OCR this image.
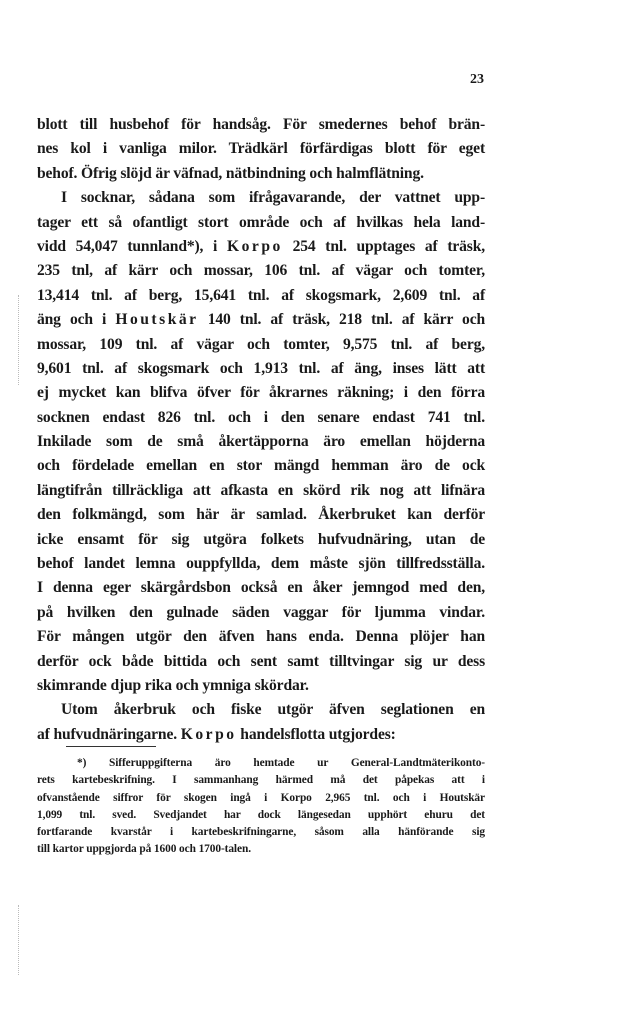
23
blott till husbehof för handsåg. För smedernes behof brän-
nes kol i vanliga milor. Trädkärl förfärdigas blott för eget
behof. Öfrig slöjd är väfnad, nätbindning och halmflätning.
I socknar, sådana som ifrågavarande, der vattnet upp-
tager ett så ofantligt stort område och af hvilkas hela land-
vidd 54,047 tunnland*), i Korpo 254 tnl. upptages af träsk,
235 tnl, af kärr och mossar, 106 tnl. af vägar och tomter,
13,414 tnl. af berg, 15,641 tnl. af skogsmark, 2,609 tnl. af
äng och i Houtskär 140 tnl. af träsk, 218 tnl. af kärr och
mossar, 109 tnl. af vägar och tomter, 9,575 tnl. af berg,
9,601 tnl. af skogsmark och 1,913 tnl. af äng, inses lätt att
ej mycket kan blifva öfver för åkrarnes räkning; i den förra
socknen endast 826 tnl. och i den senare endast 741 tnl.
Inkilade som de små åkertäpporna äro emellan höjderna
och fördelade emellan en stor mängd hemman äro de ock
längtifrån tillräckliga att afkasta en skörd rik nog att lifnära
den folkmängd, som här är samlad. Åkerbruket kan derför
icke ensamt för sig utgöra folkets hufvudnäring, utan de
behof landet lemna ouppfyllda, dem måste sjön tillfredsställa.
I denna eger skärgårdsbon också en åker jemngod med den,
på hvilken den gulnade säden vaggar för ljumma vindar.
För mången utgör den äfven hans enda. Denna plöjer han
derför ock både bittida och sent samt tilltvingar sig ur dess
skimrande djup rika och ymniga skördar.
Utom åkerbruk och fiske utgör äfven seglationen en
af hufvudnäringarne. Korpo handelsflotta utgjordes:
*) Sifferuppgifterna äro hemtade ur General-Landtmäterikonto-
rets kartebeskrifning. I sammanhang härmed må det påpekas att i
ofvanstående siffror för skogen ingå i Korpo 2,965 tnl. och i Houtskär
1,099 tnl. sved. Svedjandet har dock längesedan upphört ehuru det
fortfarande kvarstår i kartebeskrifningarne, såsom alla hänförande sig
till kartor uppgjorda på 1600 och 1700-talen.
